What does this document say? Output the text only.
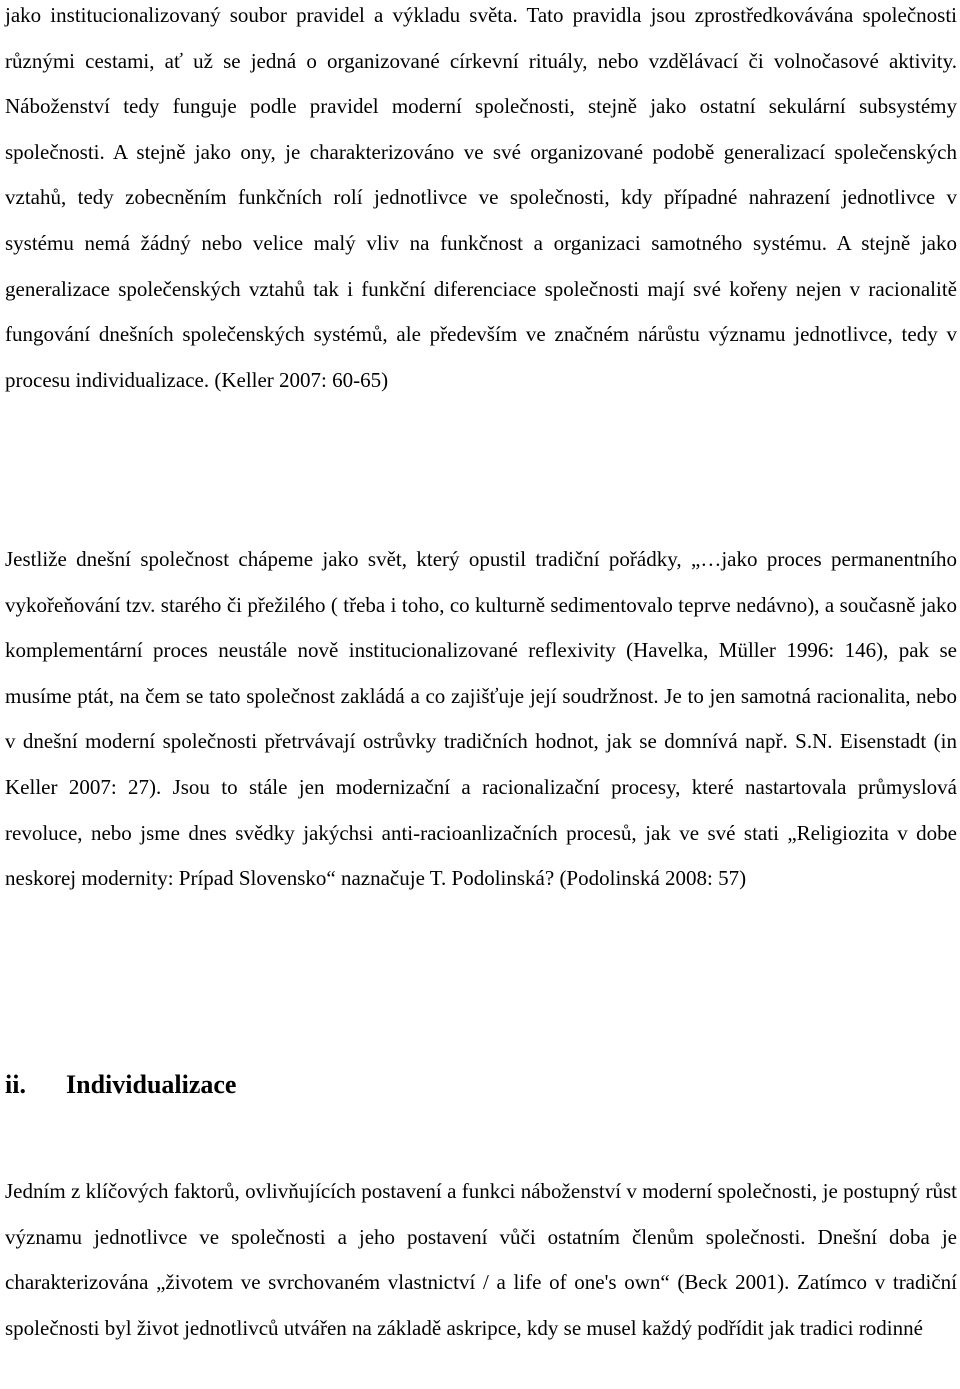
jako institucionalizovaný soubor pravidel a výkladu světa. Tato pravidla jsou zprostředkovávána společnosti různými cestami, ať už se jedná o organizované církevní rituály, nebo vzdělávací či volnočasové aktivity. Náboženství tedy funguje podle pravidel moderní společnosti, stejně jako ostatní sekulární subsystémy společnosti. A stejně jako ony, je charakterizováno ve své organizované podobě generalizací společenských vztahů, tedy zobecněním funkčních rolí jednotlivce ve společnosti, kdy případné nahrazení jednotlivce v systému nemá žádný nebo velice malý vliv na funkčnost a organizaci samotného systému. A stejně jako generalizace společenských vztahů tak i funkční diferenciace společnosti mají své kořeny nejen v racionalitě fungování dnešních společenských systémů, ale především ve značném nárůstu významu jednotlivce, tedy v procesu individualizace. (Keller 2007: 60-65)

Jestliže dnešní společnost chápeme jako svět, který opustil tradiční pořádky, „…jako proces permanentního vykořeňování tzv. starého či přežilého ( třeba i toho, co kulturně sedimentovalo teprve nedávno), a současně jako komplementární proces neustále nově institucionalizované reflexivity (Havelka, Müller 1996: 146), pak se musíme ptát, na čem se tato společnost zakládá a co zajišťuje její soudržnost. Je to jen samotná racionalita, nebo v dnešní moderní společnosti přetrvávají ostrůvky tradičních hodnot, jak se domnívá např. S.N. Eisenstadt (in Keller 2007: 27). Jsou to stále jen modernizační a racionalizační procesy, které nastartovala průmyslová revoluce, nebo jsme dnes svědky jakýchsi anti-racioanlizačních procesů, jak ve své stati „Religiozita v dobe neskorej modernity: Prípad Slovensko“ naznačuje T. Podolinská? (Podolinská 2008: 57)

ii. Individualizace

Jedním z klíčových faktorů, ovlivňujících postavení a funkci náboženství v moderní společnosti, je postupný růst významu jednotlivce ve společnosti a jeho postavení vůči ostatním členům společnosti. Dnešní doba je charakterizována „životem ve svrchovaném vlastnictví / a life of one's own“ (Beck 2001). Zatímco v tradiční společnosti byl život jednotlivců utvářen na základě askripce, kdy se musel každý podřídit jak tradici rodinné
